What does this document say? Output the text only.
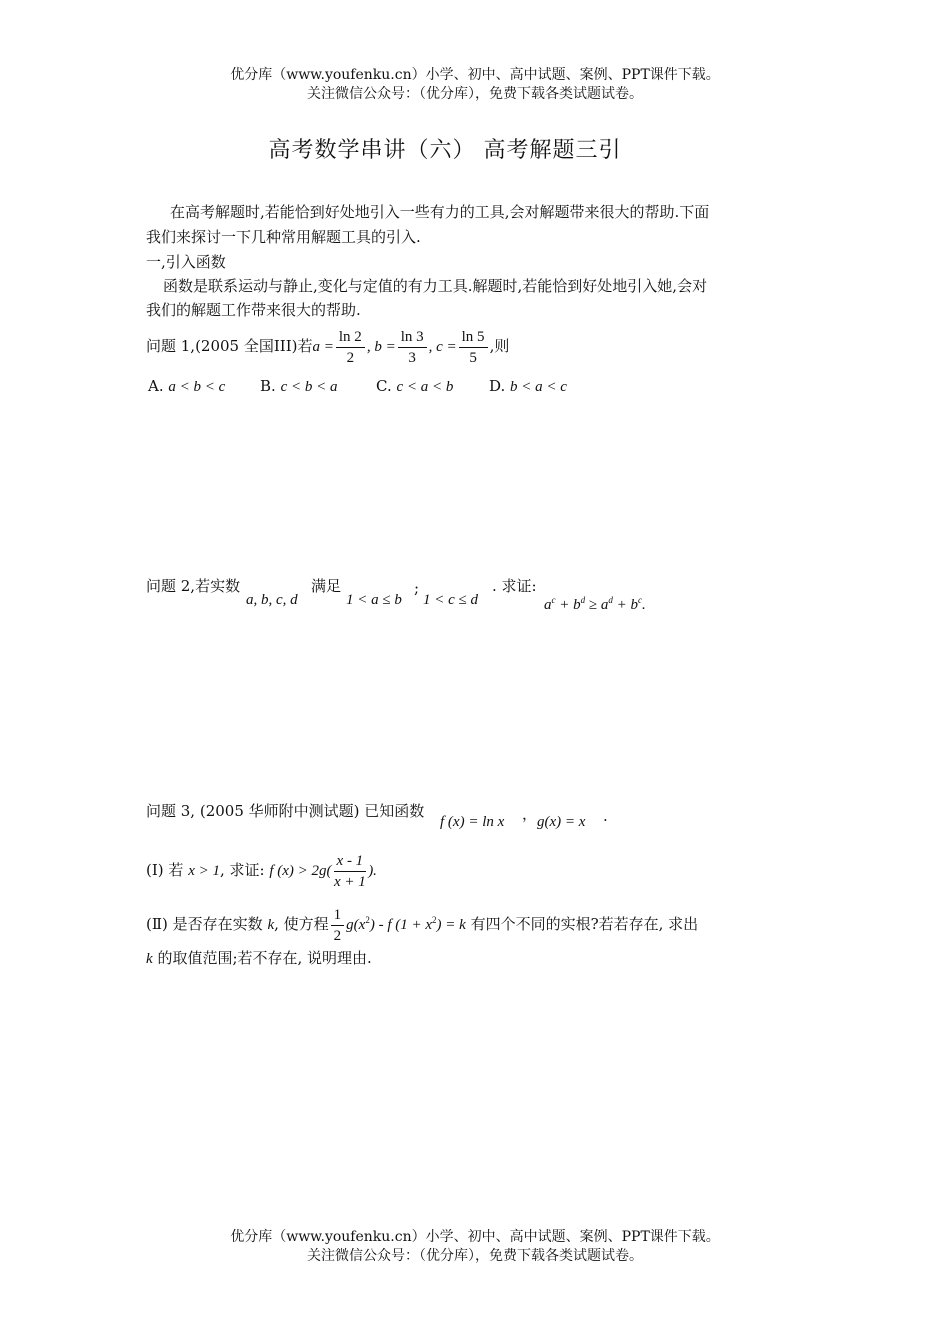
优分库（www.youfenku.cn）小学、初中、高中试题、案例、PPT课件下载。
关注微信公众号：（优分库），免费下载各类试题试卷。
高考数学串讲（六） 高考解题三引
在高考解题时,若能恰到好处地引入一些有力的工具,会对解题带来很大的帮助.下面
我们来探讨一下几种常用解题工具的引入.
一,引入函数
函数是联系运动与静止,变化与定值的有力工具.解题时,若能恰到好处地引入她,会对
我们的解题工作带来很大的帮助.
问题 1,(2005 全国III)若$a = \frac{\ln 2}{2}$ , $b = \frac{\ln 3}{3}$ , $c = \frac{\ln 5}{5}$ ,则
A. a < b < c B. c < b < a	C. c < a < b D. b < a < c
问题 2,若实数
a, b, c, d
满足
1 < a ≤ b
;
1 < c ≤ d
. 求证:
$a^c + b^d \ge a^d + b^c$.
问题 3, (2005 华师附中测试题) 已知函数
f (x) = ln x ， g(x) = x .
(Ⅰ) 若 x > 1, 求证: f $(x) > 2g( \frac{x - 1}{x + 1}$ ).
(Ⅱ) 是否存在实数 k, 使方程 $\frac{1}{2} g(x^2)$ - f $(1 + x^2) = k$ 有四个不同的实根?若若存在, 求出
k 的取值范围;若不存在, 说明理由.
优分库（www.youfenku.cn）小学、初中、高中试题、案例、PPT课件下载。
关注微信公众号：（优分库），免费下载各类试题试卷。
